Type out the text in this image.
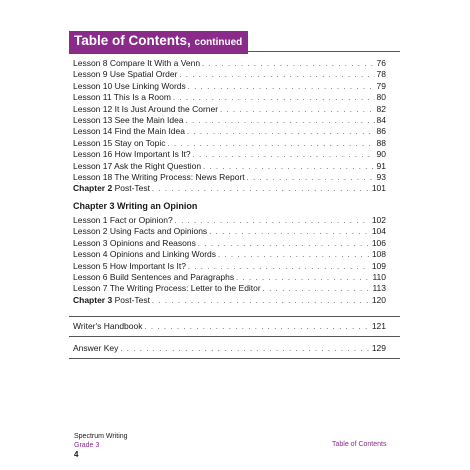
Table of Contents, continued
Lesson 8 Compare It With a Venn . . .	76
Lesson 9 Use Spatial Order . . .	78
Lesson 10 Use Linking Words . . .	79
Lesson 11 This Is a Room . . .	80
Lesson 12 It Is Just Around the Corner . . .	82
Lesson 13 See the Main Idea . . .	84
Lesson 14 Find the Main Idea . . .	86
Lesson 15 Stay on Topic . . .	88
Lesson 16 How Important Is It? . . .	90
Lesson 17 Ask the Right Question . . .	91
Lesson 18 The Writing Process: News Report . . .	93
Chapter 2 Post-Test . . .	101
Chapter 3 Writing an Opinion
Lesson 1 Fact or Opinion? . . .	102
Lesson 2 Using Facts and Opinions . . .	104
Lesson 3 Opinions and Reasons . . .	106
Lesson 4 Opinions and Linking Words . . .	108
Lesson 5 How Important Is It? . . .	109
Lesson 6 Build Sentences and Paragraphs . . .	110
Lesson 7 The Writing Process: Letter to the Editor . . .	113
Chapter 3 Post-Test . . .	120
Writer's Handbook . . .	121
Answer Key . . .	129
Spectrum Writing
Grade 3
4
Table of Contents
